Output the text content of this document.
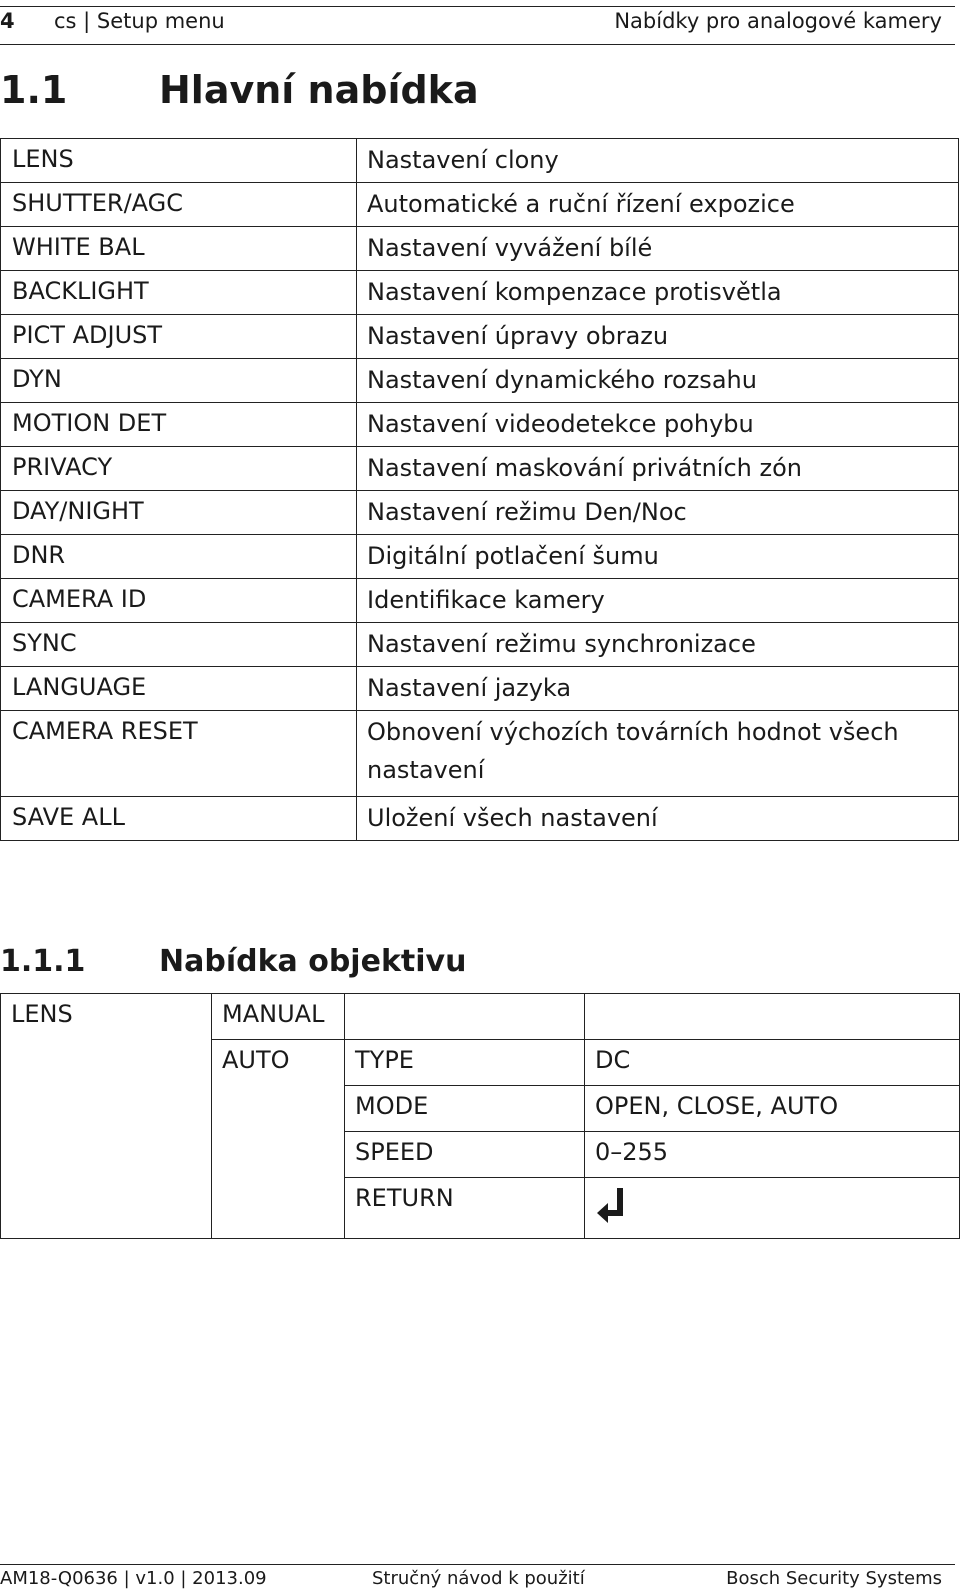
4 cs | Setup menu	Nabídky pro analogové kamery
1.1 Hlavní nabídka
LENS	Nastavení clony
SHUTTER/AGC	Automatické a ruční řízení expozice
WHITE BAL	Nastavení vyvážení bílé
BACKLIGHT	Nastavení kompenzace protisvětla
PICT ADJUST	Nastavení úpravy obrazu
DYN	Nastavení dynamického rozsahu
MOTION DET	Nastavení videodetekce pohybu
PRIVACY	Nastavení maskování privátních zón
DAY/NIGHT	Nastavení režimu Den/Noc
DNR	Digitální potlačení šumu
CAMERA ID	Identifikace kamery
SYNC	Nastavení režimu synchronizace
LANGUAGE	Nastavení jazyka
CAMERA RESET	Obnovení výchozích továrních hodnot všech nastavení
SAVE ALL	Uložení všech nastavení
1.1.1 Nabídka objektivu
LENS	MANUAL		
	AUTO	TYPE	DC
		MODE	OPEN, CLOSE, AUTO
		SPEED	0–255
		RETURN	
AM18-Q0636 | v1.0 | 2013.09	Stručný návod k použití	Bosch Security Systems
